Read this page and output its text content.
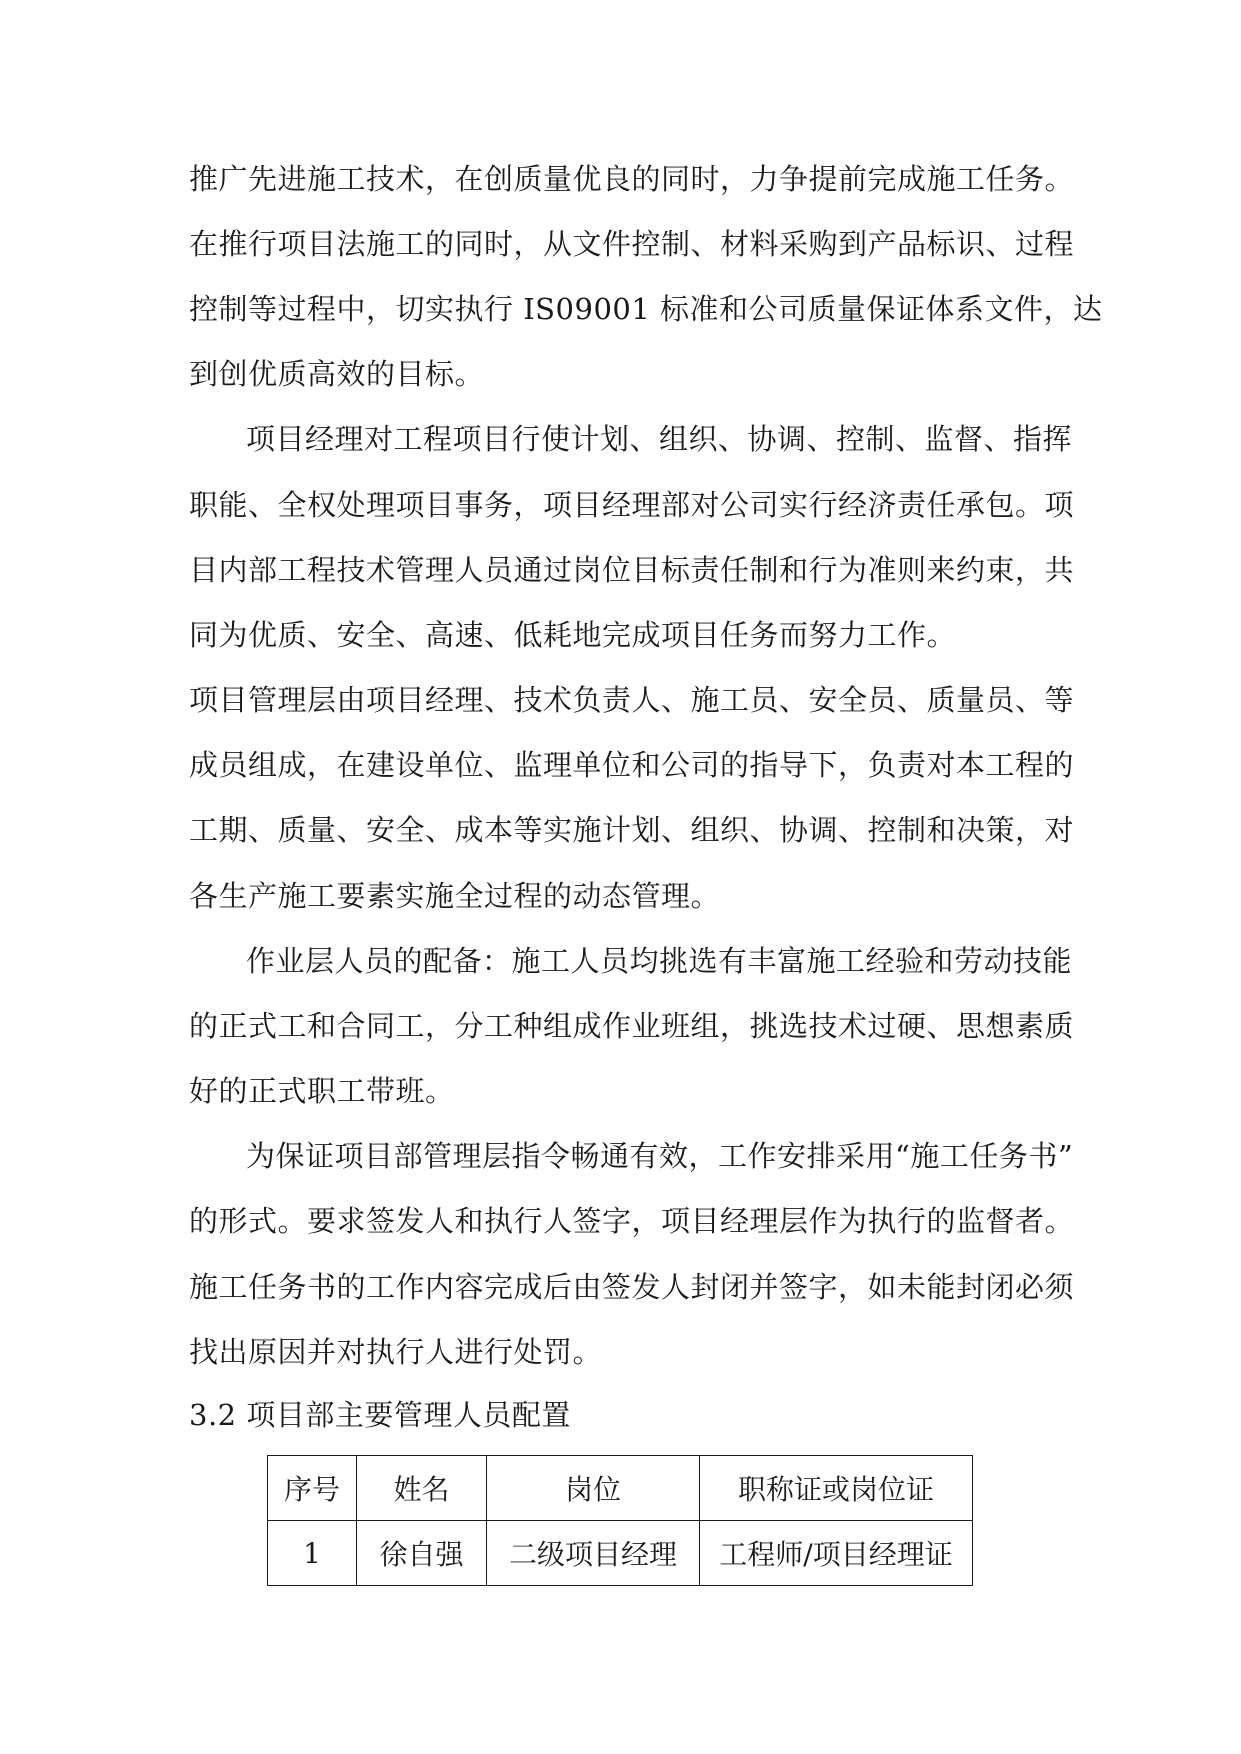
推广先进施工技术，在创质量优良的同时，力争提前完成施工任务。
在推行项目法施工的同时，从文件控制、材料采购到产品标识、过程
控制等过程中，切实执行 IS09001 标准和公司质量保证体系文件，达
到创优质高效的目标。
项目经理对工程项目行使计划、组织、协调、控制、监督、指挥
职能、全权处理项目事务，项目经理部对公司实行经济责任承包。项
目内部工程技术管理人员通过岗位目标责任制和行为准则来约束，共
同为优质、安全、高速、低耗地完成项目任务而努力工作。
项目管理层由项目经理、技术负责人、施工员、安全员、质量员、等
成员组成，在建设单位、监理单位和公司的指导下，负责对本工程的
工期、质量、安全、成本等实施计划、组织、协调、控制和决策，对
各生产施工要素实施全过程的动态管理。
作业层人员的配备：施工人员均挑选有丰富施工经验和劳动技能
的正式工和合同工，分工种组成作业班组，挑选技术过硬、思想素质
好的正式职工带班。
为保证项目部管理层指令畅通有效，工作安排采用“施工任务书”
的形式。要求签发人和执行人签字，项目经理层作为执行的监督者。
施工任务书的工作内容完成后由签发人封闭并签字，如未能封闭必须
找出原因并对执行人进行处罚。
3.2 项目部主要管理人员配置
序号	姓名	岗位	职称证或岗位证
1	徐自强	二级项目经理	工程师/项目经理证
